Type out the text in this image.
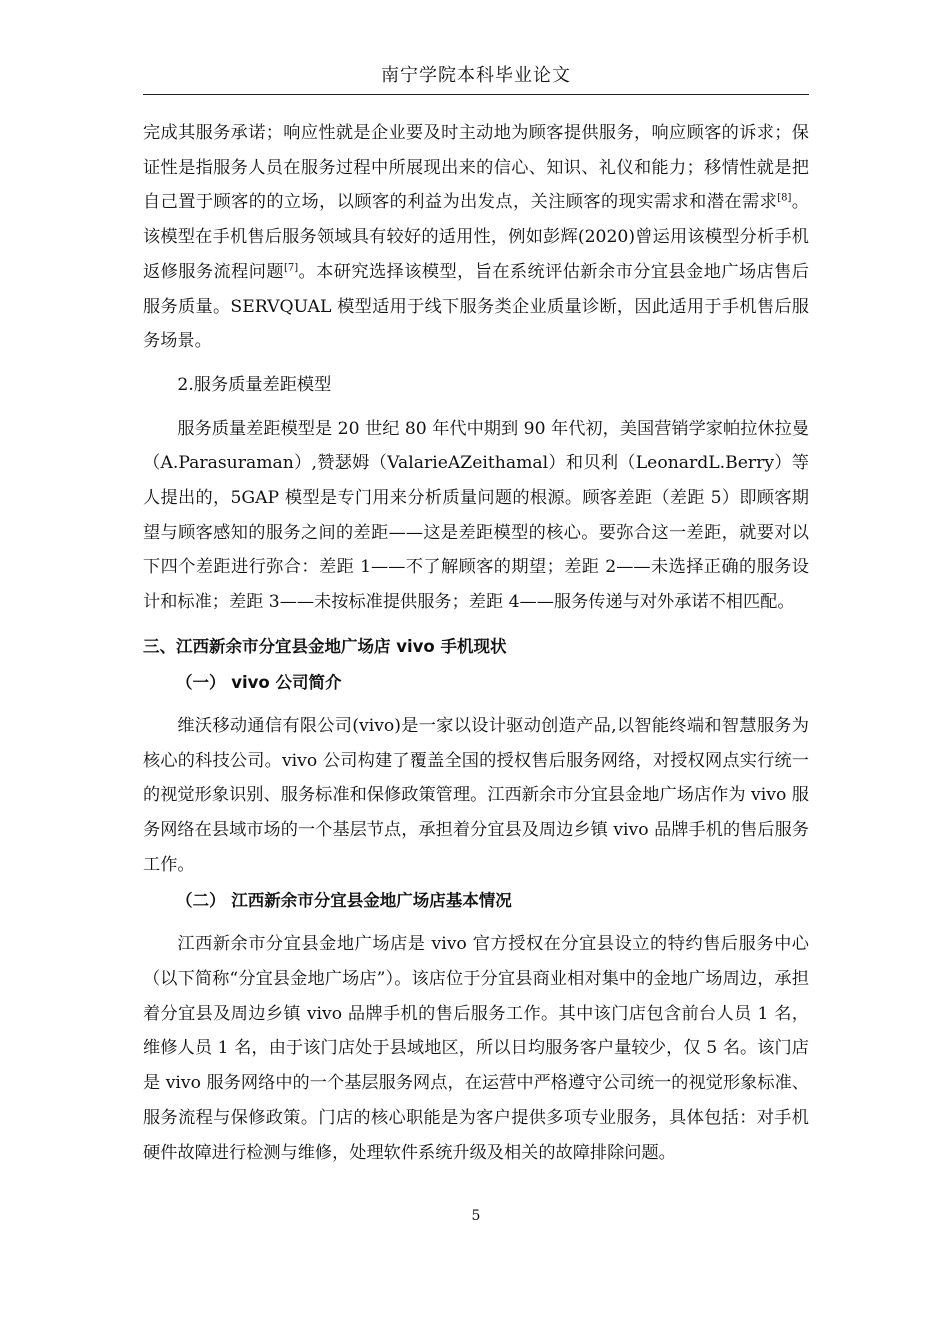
南宁学院本科毕业论文

完成其服务承诺；响应性就是企业要及时主动地为顾客提供服务，响应顾客的诉求；保证性是指服务人员在服务过程中所展现出来的信心、知识、礼仪和能力；移情性就是把自己置于顾客的的立场，以顾客的利益为出发点，关注顾客的现实需求和潜在需求[8]。该模型在手机售后服务领域具有较好的适用性，例如彭辉(2020)曾运用该模型分析手机返修服务流程问题[7]。本研究选择该模型，旨在系统评估新余市分宜县金地广场店售后服务质量。SERVQUAL 模型适用于线下服务类企业质量诊断，因此适用于手机售后服务场景。

2.服务质量差距模型

服务质量差距模型是 20 世纪 80 年代中期到 90 年代初，美国营销学家帕拉休拉曼（A.Parasuraman）,赞瑟姆（ValarieAZeithamal）和贝利（LeonardL.Berry）等人提出的，5GAP 模型是专门用来分析质量问题的根源。顾客差距（差距 5）即顾客期望与顾客感知的服务之间的差距——这是差距模型的核心。要弥合这一差距，就要对以下四个差距进行弥合：差距 1——不了解顾客的期望；差距 2——未选择正确的服务设计和标准；差距 3——未按标准提供服务；差距 4——服务传递与对外承诺不相匹配。

三、江西新余市分宜县金地广场店 vivo 手机现状
（一） vivo 公司简介

维沃移动通信有限公司(vivo)是一家以设计驱动创造产品,以智能终端和智慧服务为核心的科技公司。vivo 公司构建了覆盖全国的授权售后服务网络，对授权网点实行统一的视觉形象识别、服务标准和保修政策管理。江西新余市分宜县金地广场店作为 vivo 服务网络在县域市场的一个基层节点，承担着分宜县及周边乡镇 vivo 品牌手机的售后服务工作。

（二） 江西新余市分宜县金地广场店基本情况

江西新余市分宜县金地广场店是 vivo 官方授权在分宜县设立的特约售后服务中心（以下简称“分宜县金地广场店”）。该店位于分宜县商业相对集中的金地广场周边，承担着分宜县及周边乡镇 vivo 品牌手机的售后服务工作。其中该门店包含前台人员 1 名，维修人员 1 名，由于该门店处于县域地区，所以日均服务客户量较少，仅 5 名。该门店是 vivo 服务网络中的一个基层服务网点，在运营中严格遵守公司统一的视觉形象标准、服务流程与保修政策。门店的核心职能是为客户提供多项专业服务，具体包括：对手机硬件故障进行检测与维修，处理软件系统升级及相关的故障排除问题。

5
